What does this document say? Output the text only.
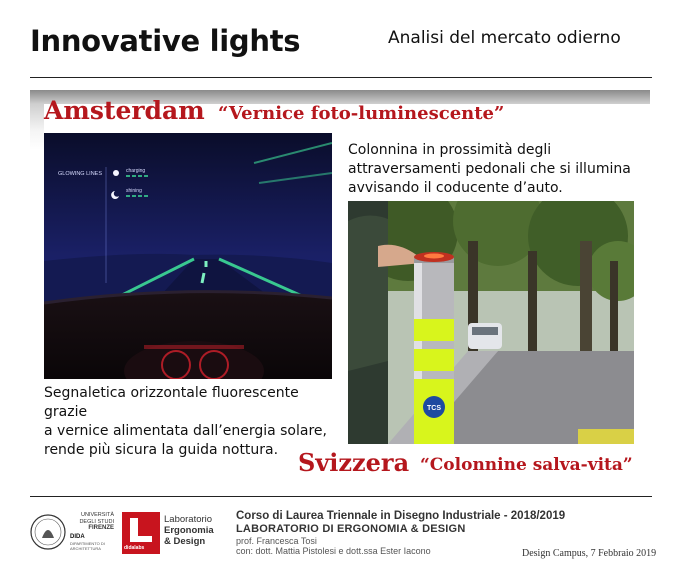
Innovative lights	Analisi del mercato odierno
Amsterdam “Vernice foto-luminescente”
GLOWING LINES	charging
shining
Segnaletica orizzontale fluorescente grazie
a vernice alimentata dall’energia solare,
rende più sicura la guida nottura.
Colonnina in prossimità degli
attraversamenti pedonali che si illumina
avvisando il coducente d’auto.
TCS
Svizzera “Colonnine salva-vita”
UNIVERSITÀ
DEGLI STUDI
FIRENZE
DIDA
DIPARTIMENTO DI
ARCHITETTURA	didalabs
Laboratorio
Ergonomia
& Design
Corso di Laurea Triennale in Disegno Industriale - 2018/2019
LABORATORIO DI ERGONOMIA & DESIGN
prof. Francesca Tosi
con: dott. Mattia Pistolesi e dott.ssa Ester Iacono	Design Campus, 7 Febbraio 2019
